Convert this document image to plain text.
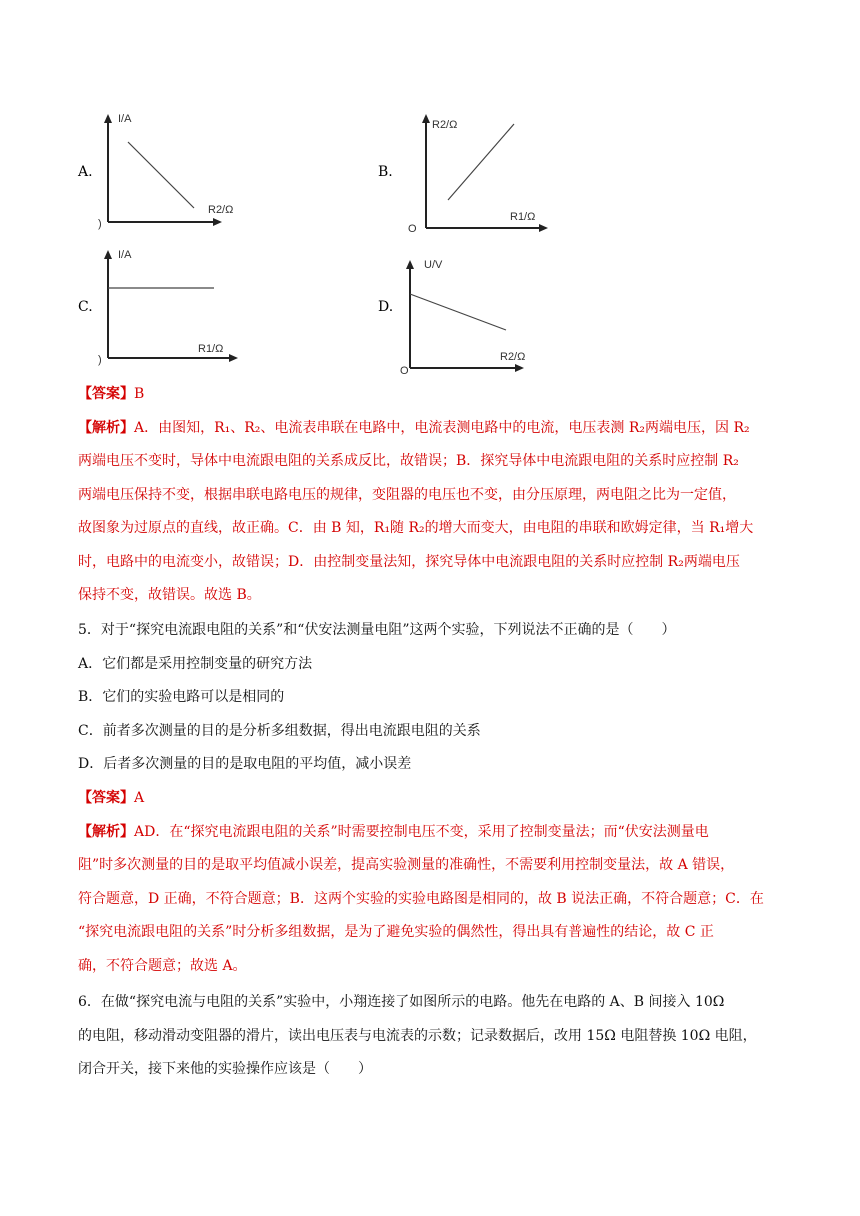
A.
I/A
R2/Ω
)
B.
R2/Ω
R1/Ω
O
C.
I/A
R1/Ω
)
D.
U/V
R2/Ω
O
【答案】B
【解析】A．由图知，R₁、R₂、电流表串联在电路中，电流表测电路中的电流，电压表测 R₂两端电压，因 R₂
两端电压不变时，导体中电流跟电阻的关系成反比，故错误；B．探究导体中电流跟电阻的关系时应控制 R₂
两端电压保持不变，根据串联电路电压的规律，变阻器的电压也不变，由分压原理，两电阻之比为一定值，
故图象为过原点的直线，故正确。C．由 B 知，R₁随 R₂的增大而变大，由电阻的串联和欧姆定律，当 R₁增大
时，电路中的电流变小，故错误；D．由控制变量法知，探究导体中电流跟电阻的关系时应控制 R₂两端电压
保持不变，故错误。故选 B。
5．对于“探究电流跟电阻的关系”和“伏安法测量电阻”这两个实验，下列说法不正确的是（　　）
A．它们都是采用控制变量的研究方法
B．它们的实验电路可以是相同的
C．前者多次测量的目的是分析多组数据，得出电流跟电阻的关系
D．后者多次测量的目的是取电阻的平均值，减小误差
【答案】A
【解析】AD．在“探究电流跟电阻的关系”时需要控制电压不变，采用了控制变量法；而“伏安法测量电
阻”时多次测量的目的是取平均值减小误差，提高实验测量的准确性，不需要利用控制变量法，故 A 错误，
符合题意，D 正确，不符合题意；B．这两个实验的实验电路图是相同的，故 B 说法正确，不符合题意；C．在
“探究电流跟电阻的关系”时分析多组数据，是为了避免实验的偶然性，得出具有普遍性的结论，故 C 正
确，不符合题意；故选 A。
6．在做“探究电流与电阻的关系”实验中，小翔连接了如图所示的电路。他先在电路的 A、B 间接入 10Ω
的电阻，移动滑动变阻器的滑片，读出电压表与电流表的示数；记录数据后，改用 15Ω 电阻替换 10Ω 电阻，
闭合开关，接下来他的实验操作应该是（　　）
